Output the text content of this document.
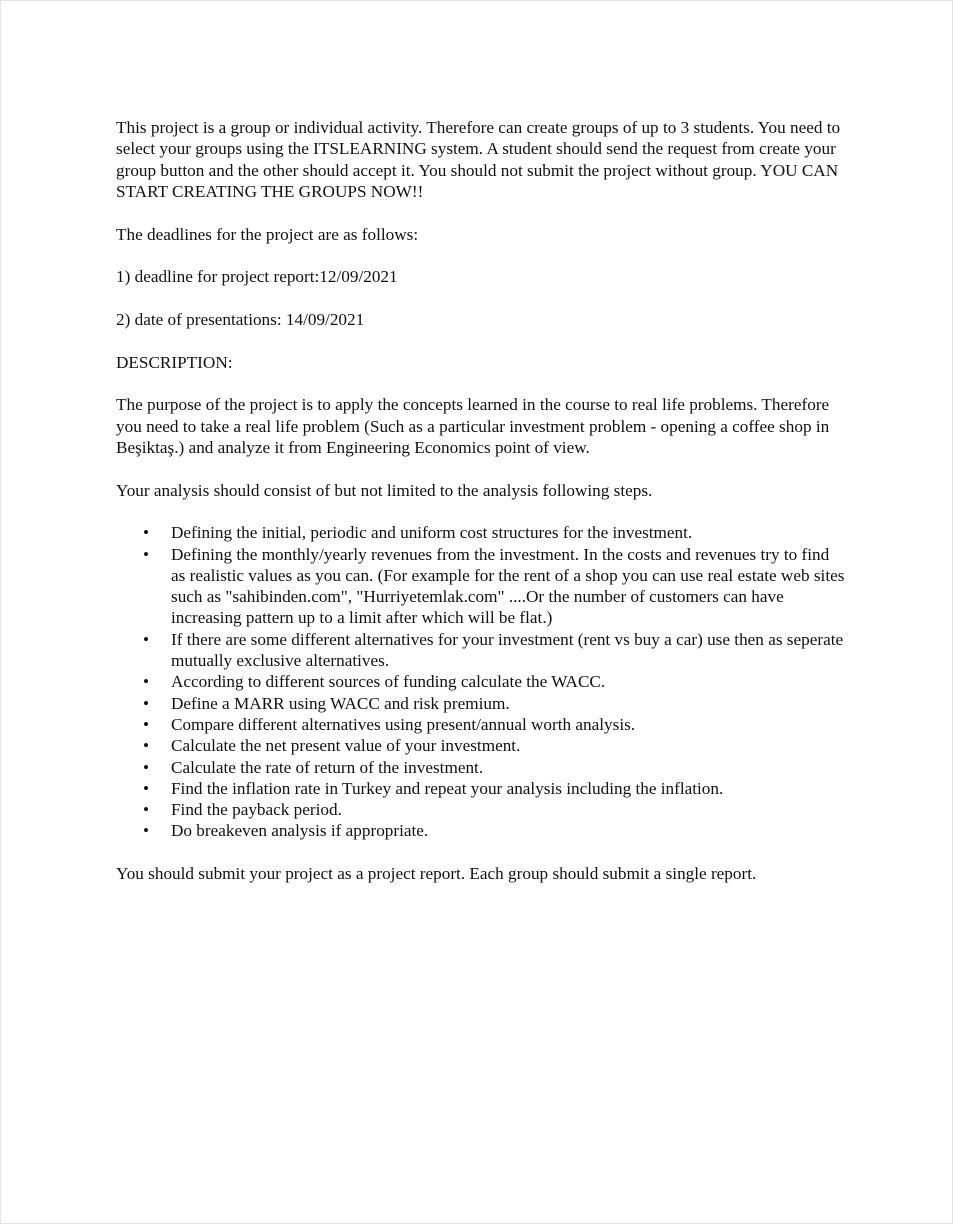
This project is a group or individual activity. Therefore can create groups of up to 3 students. You need to select your groups using the ITSLEARNING system. A student should send the request from create your group button and the other should accept it. You should not submit the project without group. YOU CAN START CREATING THE GROUPS NOW!!

The deadlines for the project are as follows:

1) deadline for project report:12/09/2021

2) date of presentations: 14/09/2021

DESCRIPTION:

The purpose of the project is to apply the concepts learned in the course to real life problems. Therefore you need to take a real life problem (Such as a particular investment problem - opening a coffee shop in Beşiktaş.) and analyze it from Engineering Economics point of view.

Your analysis should consist of but not limited to the analysis following steps.

• Defining the initial, periodic and uniform cost structures for the investment.
• Defining the monthly/yearly revenues from the investment. In the costs and revenues try to find as realistic values as you can. (For example for the rent of a shop you can use real estate web sites such as "sahibinden.com", "Hurriyetemlak.com" ....Or the number of customers can have increasing pattern up to a limit after which will be flat.)
• If there are some different alternatives for your investment (rent vs buy a car) use then as seperate mutually exclusive alternatives.
• According to different sources of funding calculate the WACC.
• Define a MARR using WACC and risk premium.
• Compare different alternatives using present/annual worth analysis.
• Calculate the net present value of your investment.
• Calculate the rate of return of the investment.
• Find the inflation rate in Turkey and repeat your analysis including the inflation.
• Find the payback period.
• Do breakeven analysis if appropriate.

You should submit your project as a project report. Each group should submit a single report.
